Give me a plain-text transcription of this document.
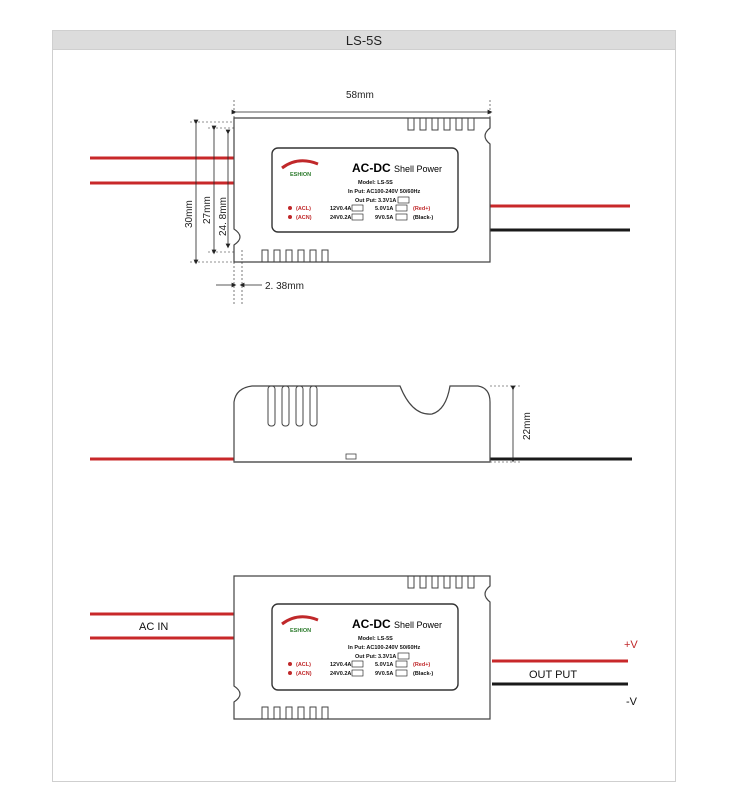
LS-5S
ESHION	AC-DC Shell Power
Model: LS-5S
In Put: AC100-240V 50/60Hz
Out Put: 3.3V1A
(ACL)	12V0.4A	5.0V1A	(Red+)
(ACN)	24V0.2A	9V0.5A	(Black-)
58mm
30mm 27mm 24. 8mm
2. 38mm
22mm
ESHION	AC-DC Shell Power
Model: LS-5S
In Put: AC100-240V 50/60Hz
Out Put: 3.3V1A
(ACL)	12V0.4A	5.0V1A	(Red+)
(ACN)	24V0.2A	9V0.5A	(Black-)
AC IN
OUT PUT
+V
-V
